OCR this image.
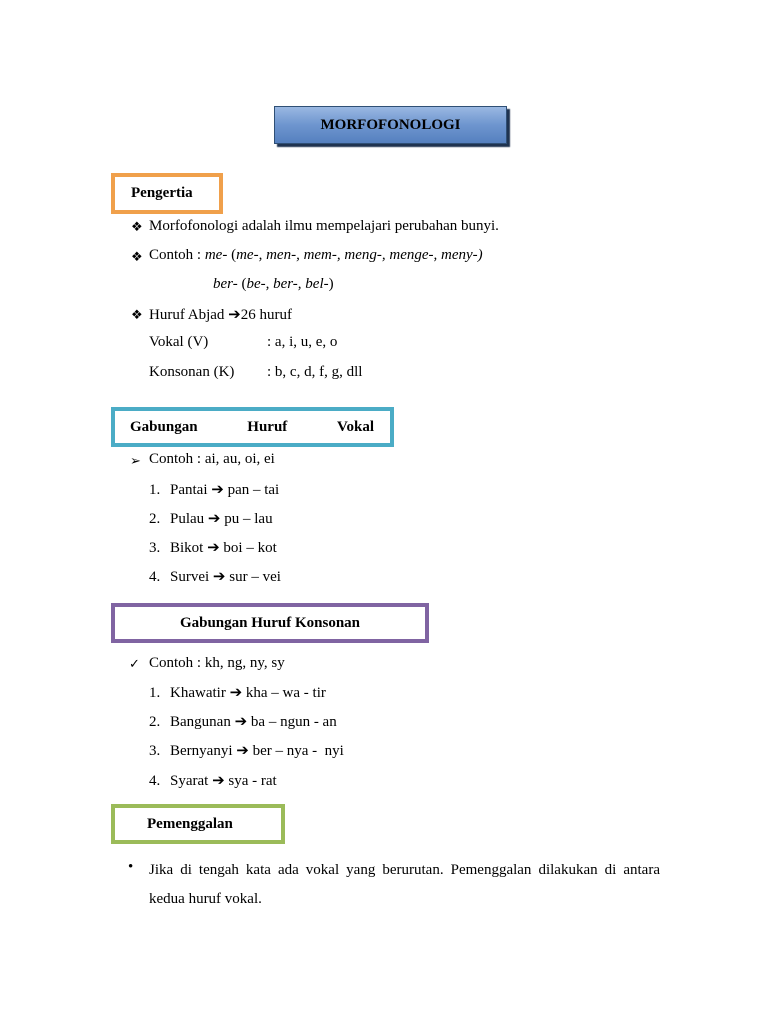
MORFOFONOLOGI
Pengertia
❖ Morfofonologi adalah ilmu mempelajari perubahan bunyi.
❖ Contoh : me- (me-, men-, mem-, meng-, menge-, meny-)
ber- (be-, ber-, bel-)
❖ Huruf Abjad ➔26 huruf
Vokal (V)	: a, i, u, e, o
Konsonan (K) : b, c, d, f, g, dll
Gabungan	Huruf	Vokal
➢ Contoh : ai, au, oi, ei
1. Pantai ➔ pan – tai
2. Pulau ➔ pu – lau
3. Bikot ➔ boi – kot
4. Survei ➔ sur – vei
Gabungan Huruf Konsonan
✓ Contoh : kh, ng, ny, sy
1. Khawatir ➔ kha – wa - tir
2. Bangunan ➔ ba – ngun - an
3. Bernyanyi ➔ ber – nya -  nyi
4. Syarat ➔ sya - rat
Pemenggalan
• Jika di tengah kata ada vokal yang berurutan. Pemenggalan dilakukan di antara kedua huruf vokal.
